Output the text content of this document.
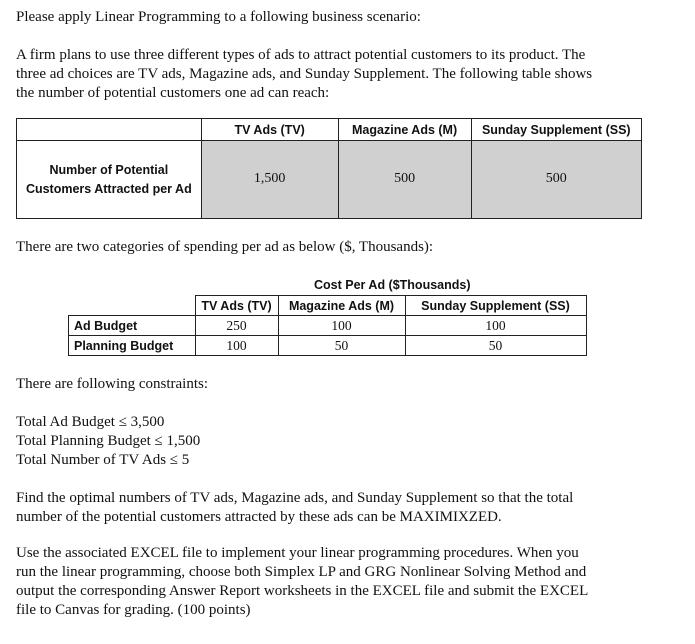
Please apply Linear Programming to a following business scenario:

A firm plans to use three different types of ads to attract potential customers to its product. The
three ad choices are TV ads, Magazine ads, and Sunday Supplement. The following table shows
the number of potential customers one ad can reach:

	TV Ads (TV)	Magazine Ads (M)	Sunday Supplement (SS)
Number of Potential
Customers Attracted per Ad	1,500	500	500

There are two categories of spending per ad as below ($, Thousands):

Cost Per Ad ($Thousands)
	TV Ads (TV)	Magazine Ads (M)	Sunday Supplement (SS)
Ad Budget	250	100	100
Planning Budget	100	50	50

There are following constraints:

Total Ad Budget ≤ 3,500
Total Planning Budget ≤ 1,500
Total Number of TV Ads ≤ 5

Find the optimal numbers of TV ads, Magazine ads, and Sunday Supplement so that the total
number of the potential customers attracted by these ads can be MAXIMIXZED.

Use the associated EXCEL file to implement your linear programming procedures. When you
run the linear programming, choose both Simplex LP and GRG Nonlinear Solving Method and
output the corresponding Answer Report worksheets in the EXCEL file and submit the EXCEL
file to Canvas for grading. (100 points)
